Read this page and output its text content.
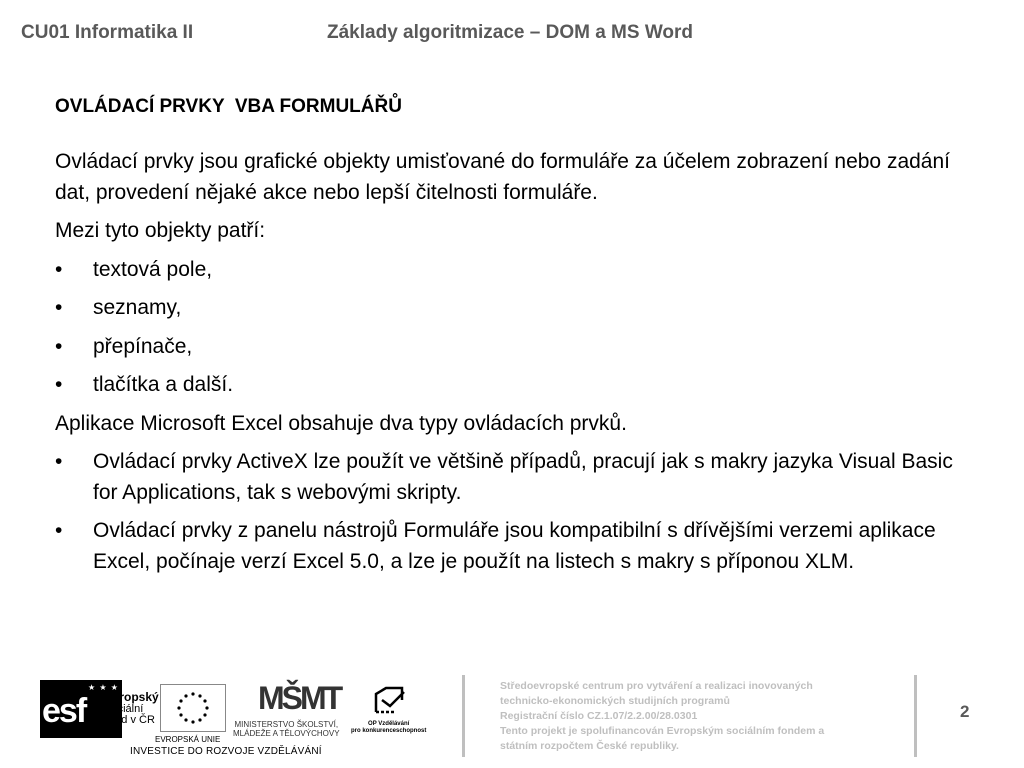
CU01 Informatika II	Základy algoritmizace – DOM a MS Word
OVLÁDACÍ PRVKY  VBA FORMULÁŘŮ

Ovládací prvky jsou grafické objekty umisťované do formuláře za účelem zobrazení nebo zadání dat, provedení nějaké akce nebo lepší čitelnosti formuláře.

Mezi tyto objekty patří:

•	textová pole,
•	seznamy,
•	přepínače,
•	tlačítka a další.

Aplikace Microsoft Excel obsahuje dva typy ovládacích prvků.

•	Ovládací prvky ActiveX lze použít ve většině případů, pracují jak s makry jazyka Visual Basic for Applications, tak s webovými skripty.
•	Ovládací prvky z panelu nástrojů Formuláře jsou kompatibilní s dřívějšími verzemi aplikace Excel, počínaje verzí Excel 5.0, a lze je použít na listech s makry s příponou XLM.
★ ★ ★
esf evropský
sociální
fond v ČR
EVROPSKÁ UNIE
MŠMT
MINISTERSTVO ŠKOLSTVÍ,
MLÁDEŽE A TĚLOVÝCHOVY
OP Vzdělávání
pro konkurenceschopnost
INVESTICE DO ROZVOJE VZDĚLÁVÁNÍ
Středoevropské centrum pro vytváření a realizaci inovovaných
technicko-ekonomických studijních programů
Registrační číslo CZ.1.07/2.2.00/28.0301
Tento projekt je spolufinancován Evropským sociálním fondem a
státním rozpočtem České republiky.
2
